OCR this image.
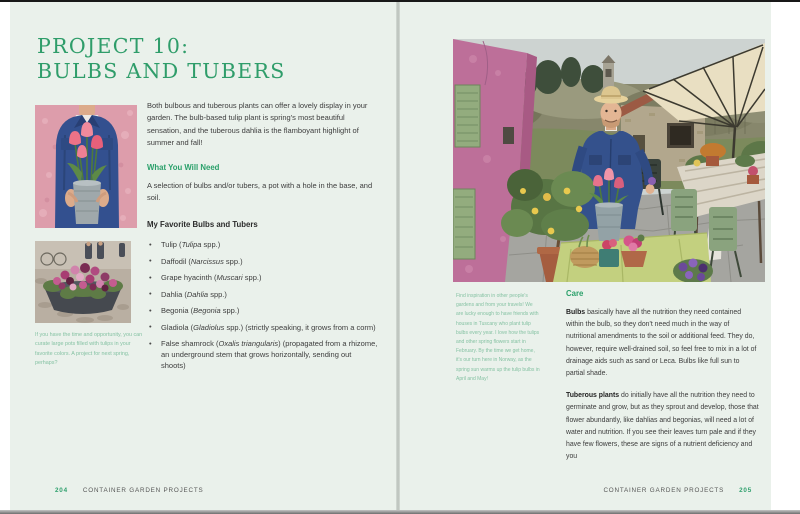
PROJECT 10:
BULBS AND TUBERS
If you have the time and opportunity, you can curate large pots filled with tulips in your favorite colors. A project for next spring, perhaps?

Both bulbous and tuberous plants can offer a lovely display in your garden. The bulb-based tulip plant is spring's most beautiful sensation, and the tuberous dahlia is the flamboyant highlight of summer and fall!

What You Will Need

A selection of bulbs and/or tubers, a pot with a hole in the base, and soil.

My Favorite Bulbs and Tubers
• Tulip (Tulipa spp.)
• Daffodil (Narcissus spp.)
• Grape hyacinth (Muscari spp.)
• Dahlia (Dahlia spp.)
• Begonia (Begonia spp.)
• Gladiola (Gladiolus spp.) (strictly speaking, it grows from a corm)
• False shamrock (Oxalis triangularis) (propagated from a rhizome, an underground stem that grows horizontally, sending out shoots)
204 CONTAINER GARDEN PROJECTS
Find inspiration in other people's gardens and from your travels! We are lucky enough to have friends with houses in Tuscany who plant tulip bulbs every year. I love how the tulips and other spring flowers start in February. By the time we get home, it's our turn here in Norway, as the spring sun warms up the tulip bulbs in April and May!
Care

Bulbs basically have all the nutrition they need contained within the bulb, so they don't need much in the way of nutritional amendments to the soil or additional feed. They do, however, require well-drained soil, so feel free to mix in a lot of drainage aids such as sand or Leca. Bulbs like full sun to partial shade.

Tuberous plants do initially have all the nutrition they need to germinate and grow, but as they sprout and develop, those that flower abundantly, like dahlias and begonias, will need a lot of water and nutrition. If you see their leaves turn pale and if they have few flowers, these are signs of a nutrient deficiency and you

CONTAINER GARDEN PROJECTS 205
